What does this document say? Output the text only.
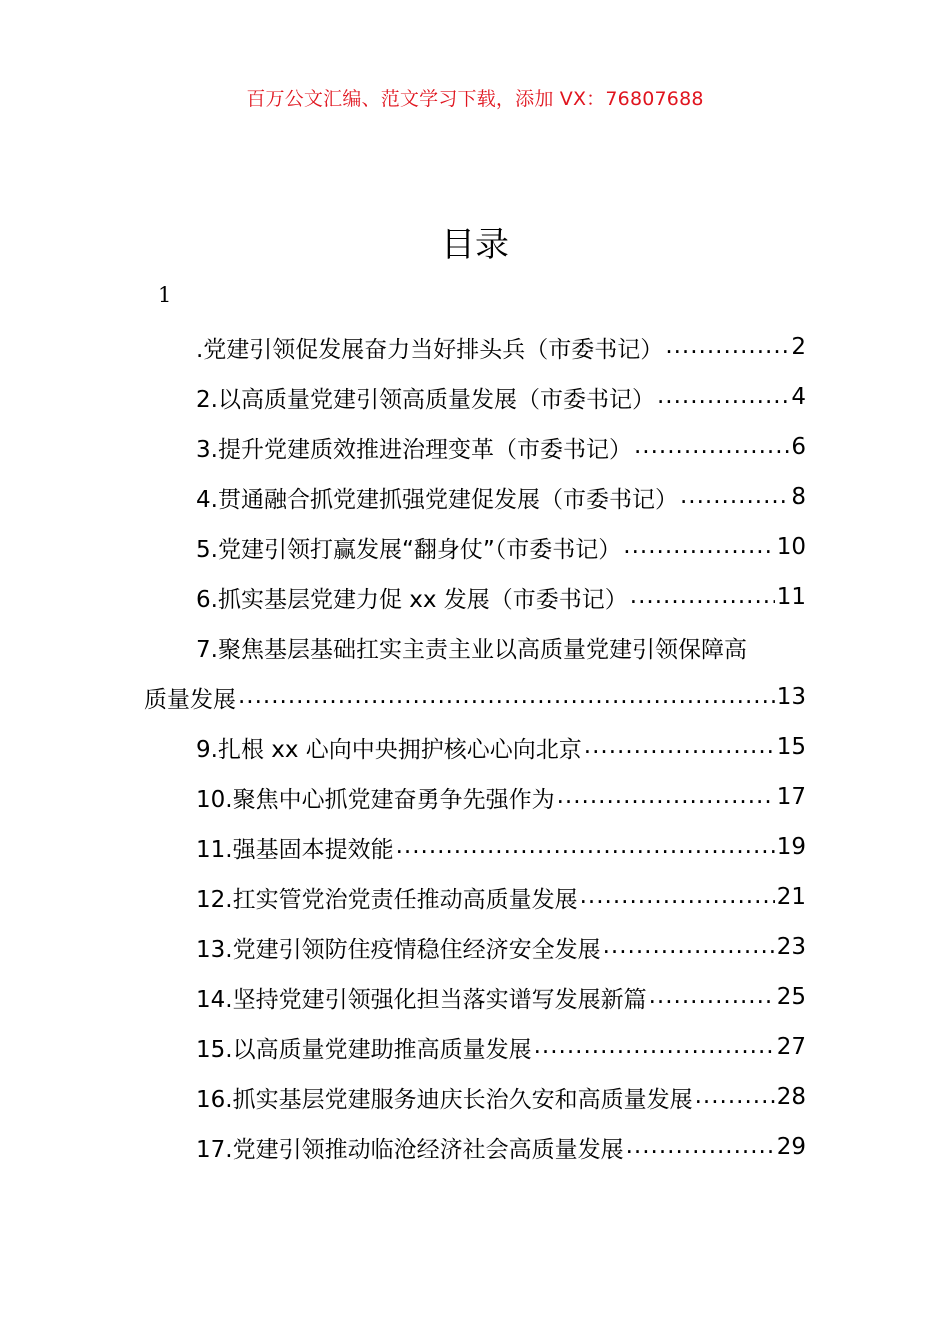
百万公文汇编、范文学习下载，添加 VX：76807688
目录
1
.党建引领促发展奋力当好排头兵（市委书记） .....	2
2.以高质量党建引领高质量发展（市委书记） .....	4
3.提升党建质效推进治理变革（市委书记） .....	6
4.贯通融合抓党建抓强党建促发展（市委书记） .....	8
5.党建引领打赢发展“翻身仗”（市委书记） .....	10
6.抓实基层党建力促 xx 发展（市委书记） .....	11
7.聚焦基层基础扛实主责主业以高质量党建引领保障高
质量发展 .....	13
9.扎根 xx 心向中央拥护核心心向北京 .....	15
10.聚焦中心抓党建奋勇争先强作为 .....	17
11.强基固本提效能 .....	19
12.扛实管党治党责任推动高质量发展 .....	21
13.党建引领防住疫情稳住经济安全发展 .....	23
14.坚持党建引领强化担当落实谱写发展新篇 .....	25
15.以高质量党建助推高质量发展 .....	27
16.抓实基层党建服务迪庆长治久安和高质量发展 .....	28
17.党建引领推动临沧经济社会高质量发展 .....	29
